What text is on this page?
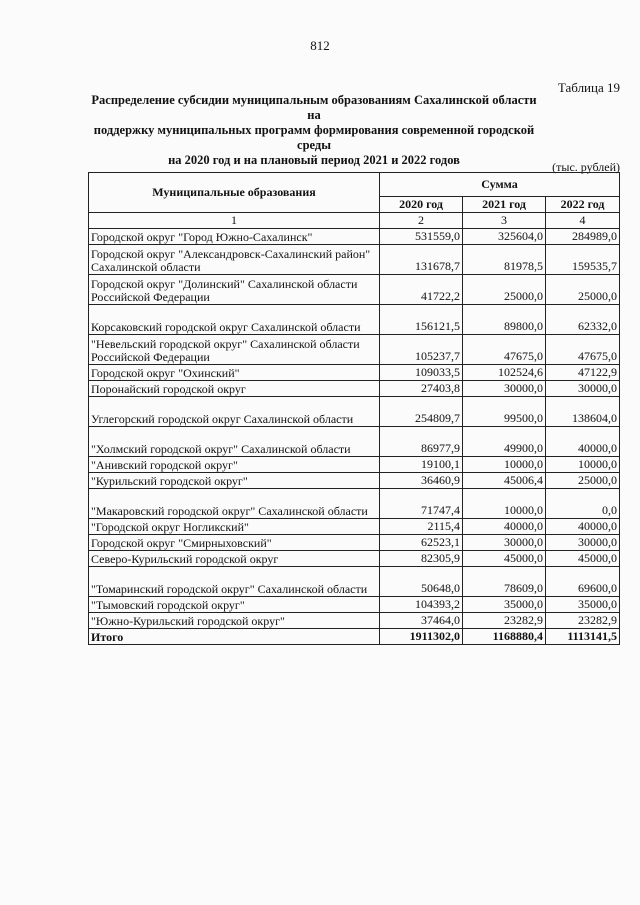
812
Таблица 19
Распределение субсидии муниципальным образованиям Сахалинской области на
поддержку муниципальных программ формирования современной городской среды
на 2020 год и на плановый период 2021 и 2022 годов	(тыс. рублей)
Муниципальные образования	Сумма		
	2020 год	2021 год	2022 год
1	2	3	4
Городской округ "Город Южно-Сахалинск"	531559,0	325604,0	284989,0
Городской округ "Александровск-Сахалинский район" Сахалинской области	131678,7	81978,5	159535,7
Городской округ "Долинский" Сахалинской области Российской Федерации	41722,2	25000,0	25000,0
Корсаковский городской округ Сахалинской области	156121,5	89800,0	62332,0
"Невельский городской округ" Сахалинской области Российской Федерации	105237,7	47675,0	47675,0
Городской округ "Охинский"	109033,5	102524,6	47122,9
Поронайский городской округ	27403,8	30000,0	30000,0
Углегорский городской округ Сахалинской области	254809,7	99500,0	138604,0
"Холмский городской округ" Сахалинской области	86977,9	49900,0	40000,0
"Анивский городской округ"	19100,1	10000,0	10000,0
"Курильский городской округ"	36460,9	45006,4	25000,0
"Макаровский городской округ" Сахалинской области	71747,4	10000,0	0,0
"Городской округ Ногликский"	2115,4	40000,0	40000,0
Городской округ "Смирныховский"	62523,1	30000,0	30000,0
Северо-Курильский городской округ	82305,9	45000,0	45000,0
"Томаринский городской округ" Сахалинской области	50648,0	78609,0	69600,0
"Тымовский городской округ"	104393,2	35000,0	35000,0
"Южно-Курильский городской округ"	37464,0	23282,9	23282,9
Итого	1911302,0	1168880,4	1113141,5
